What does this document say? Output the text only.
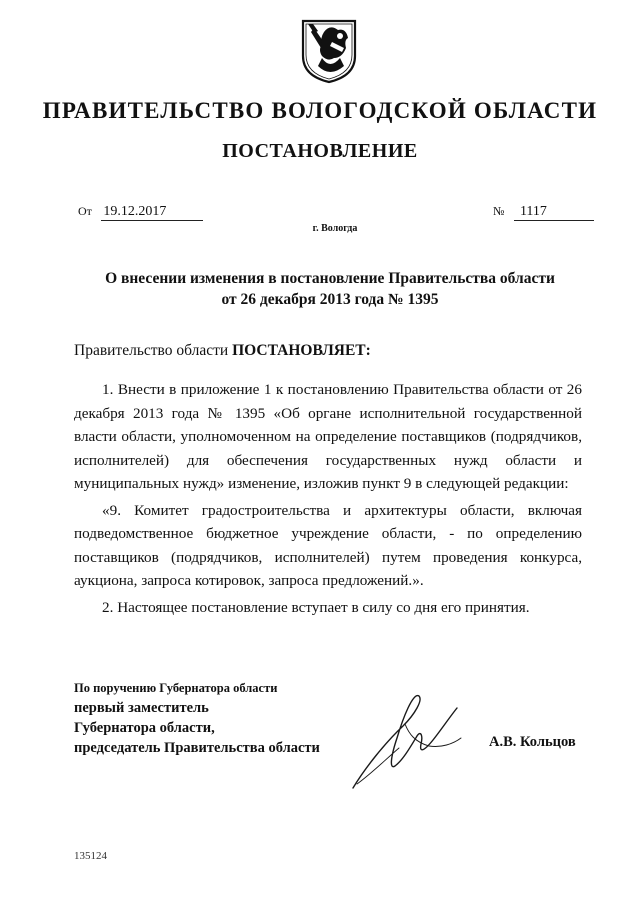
ПРАВИТЕЛЬСТВО ВОЛОГОДСКОЙ ОБЛАСТИ
ПОСТАНОВЛЕНИЕ
От 19.12.2017	№ 1117
г. Вологда
О внесении изменения в постановление Правительства области
от 26 декабря 2013 года № 1395
Правительство области ПОСТАНОВЛЯЕТ:

1. Внести в приложение 1 к постановлению Правительства области от 26 декабря 2013 года № 1395 «Об органе исполнительной государственной власти области, уполномоченном на определение поставщиков (подрядчиков, исполнителей) для обеспечения государственных нужд области и муниципальных нужд» изменение, изложив пункт 9 в следующей редакции:

«9. Комитет градостроительства и архитектуры области, включая подведомственное бюджетное учреждение области, - по определению поставщиков (подрядчиков, исполнителей) путем проведения конкурса, аукциона, запроса котировок, запроса предложений.».

2. Настоящее постановление вступает в силу со дня его принятия.

По поручению Губернатора области
первый заместитель
Губернатора области,
председатель Правительства области	А.В. Кольцов
135124
